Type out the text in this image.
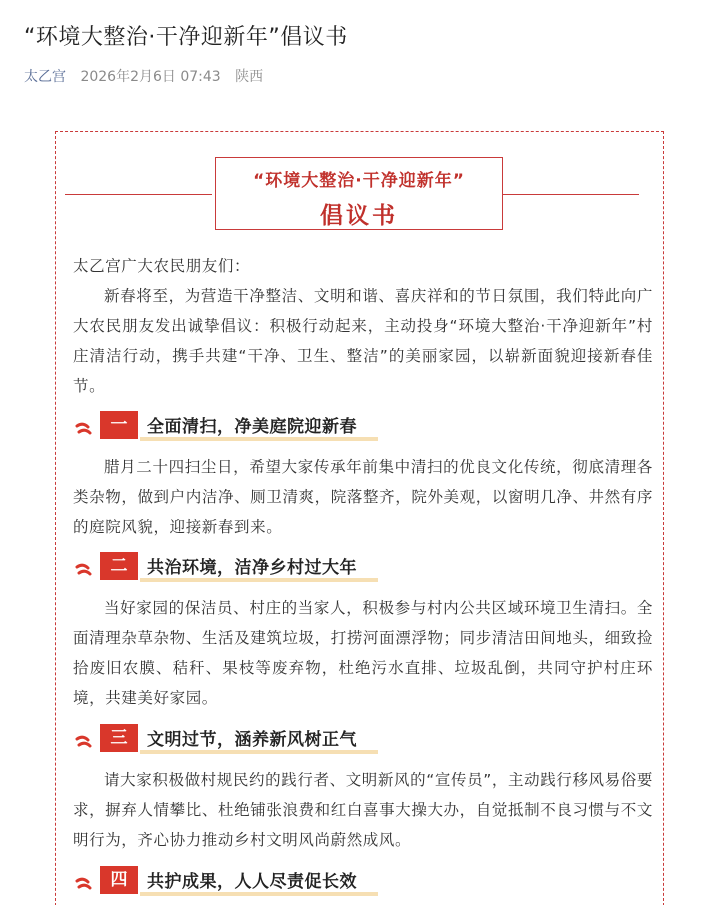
“环境大整治·干净迎新年”倡议书
太乙宫 2026年2月6日 07:43 陕西
“环境大整治·干净迎新年”
倡议书
太乙宫广大农民朋友们：
新春将至，为营造干净整洁、文明和谐、喜庆祥和的节日氛围，我们特此向广大农民朋友发出诚挚倡议：积极行动起来，主动投身“环境大整治·干净迎新年”村庄清洁行动，携手共建“干净、卫生、整洁”的美丽家园，以崭新面貌迎接新春佳节。
一	全面清扫，净美庭院迎新春
腊月二十四扫尘日，希望大家传承年前集中清扫的优良文化传统，彻底清理各类杂物，做到户内洁净、厕卫清爽，院落整齐，院外美观，以窗明几净、井然有序的庭院风貌，迎接新春到来。
二	共治环境，洁净乡村过大年
当好家园的保洁员、村庄的当家人，积极参与村内公共区域环境卫生清扫。全面清理杂草杂物、生活及建筑垃圾，打捞河面漂浮物；同步清洁田间地头，细致捡拾废旧农膜、秸秆、果枝等废弃物，杜绝污水直排、垃圾乱倒，共同守护村庄环境，共建美好家园。
三	文明过节，涵养新风树正气
请大家积极做村规民约的践行者、文明新风的“宣传员”，主动践行移风易俗要求，摒弃人情攀比、杜绝铺张浪费和红白喜事大操大办，自觉抵制不良习惯与不文明行为，齐心协力推动乡村文明风尚蔚然成风。
四	共护成果，人人尽责促长效
